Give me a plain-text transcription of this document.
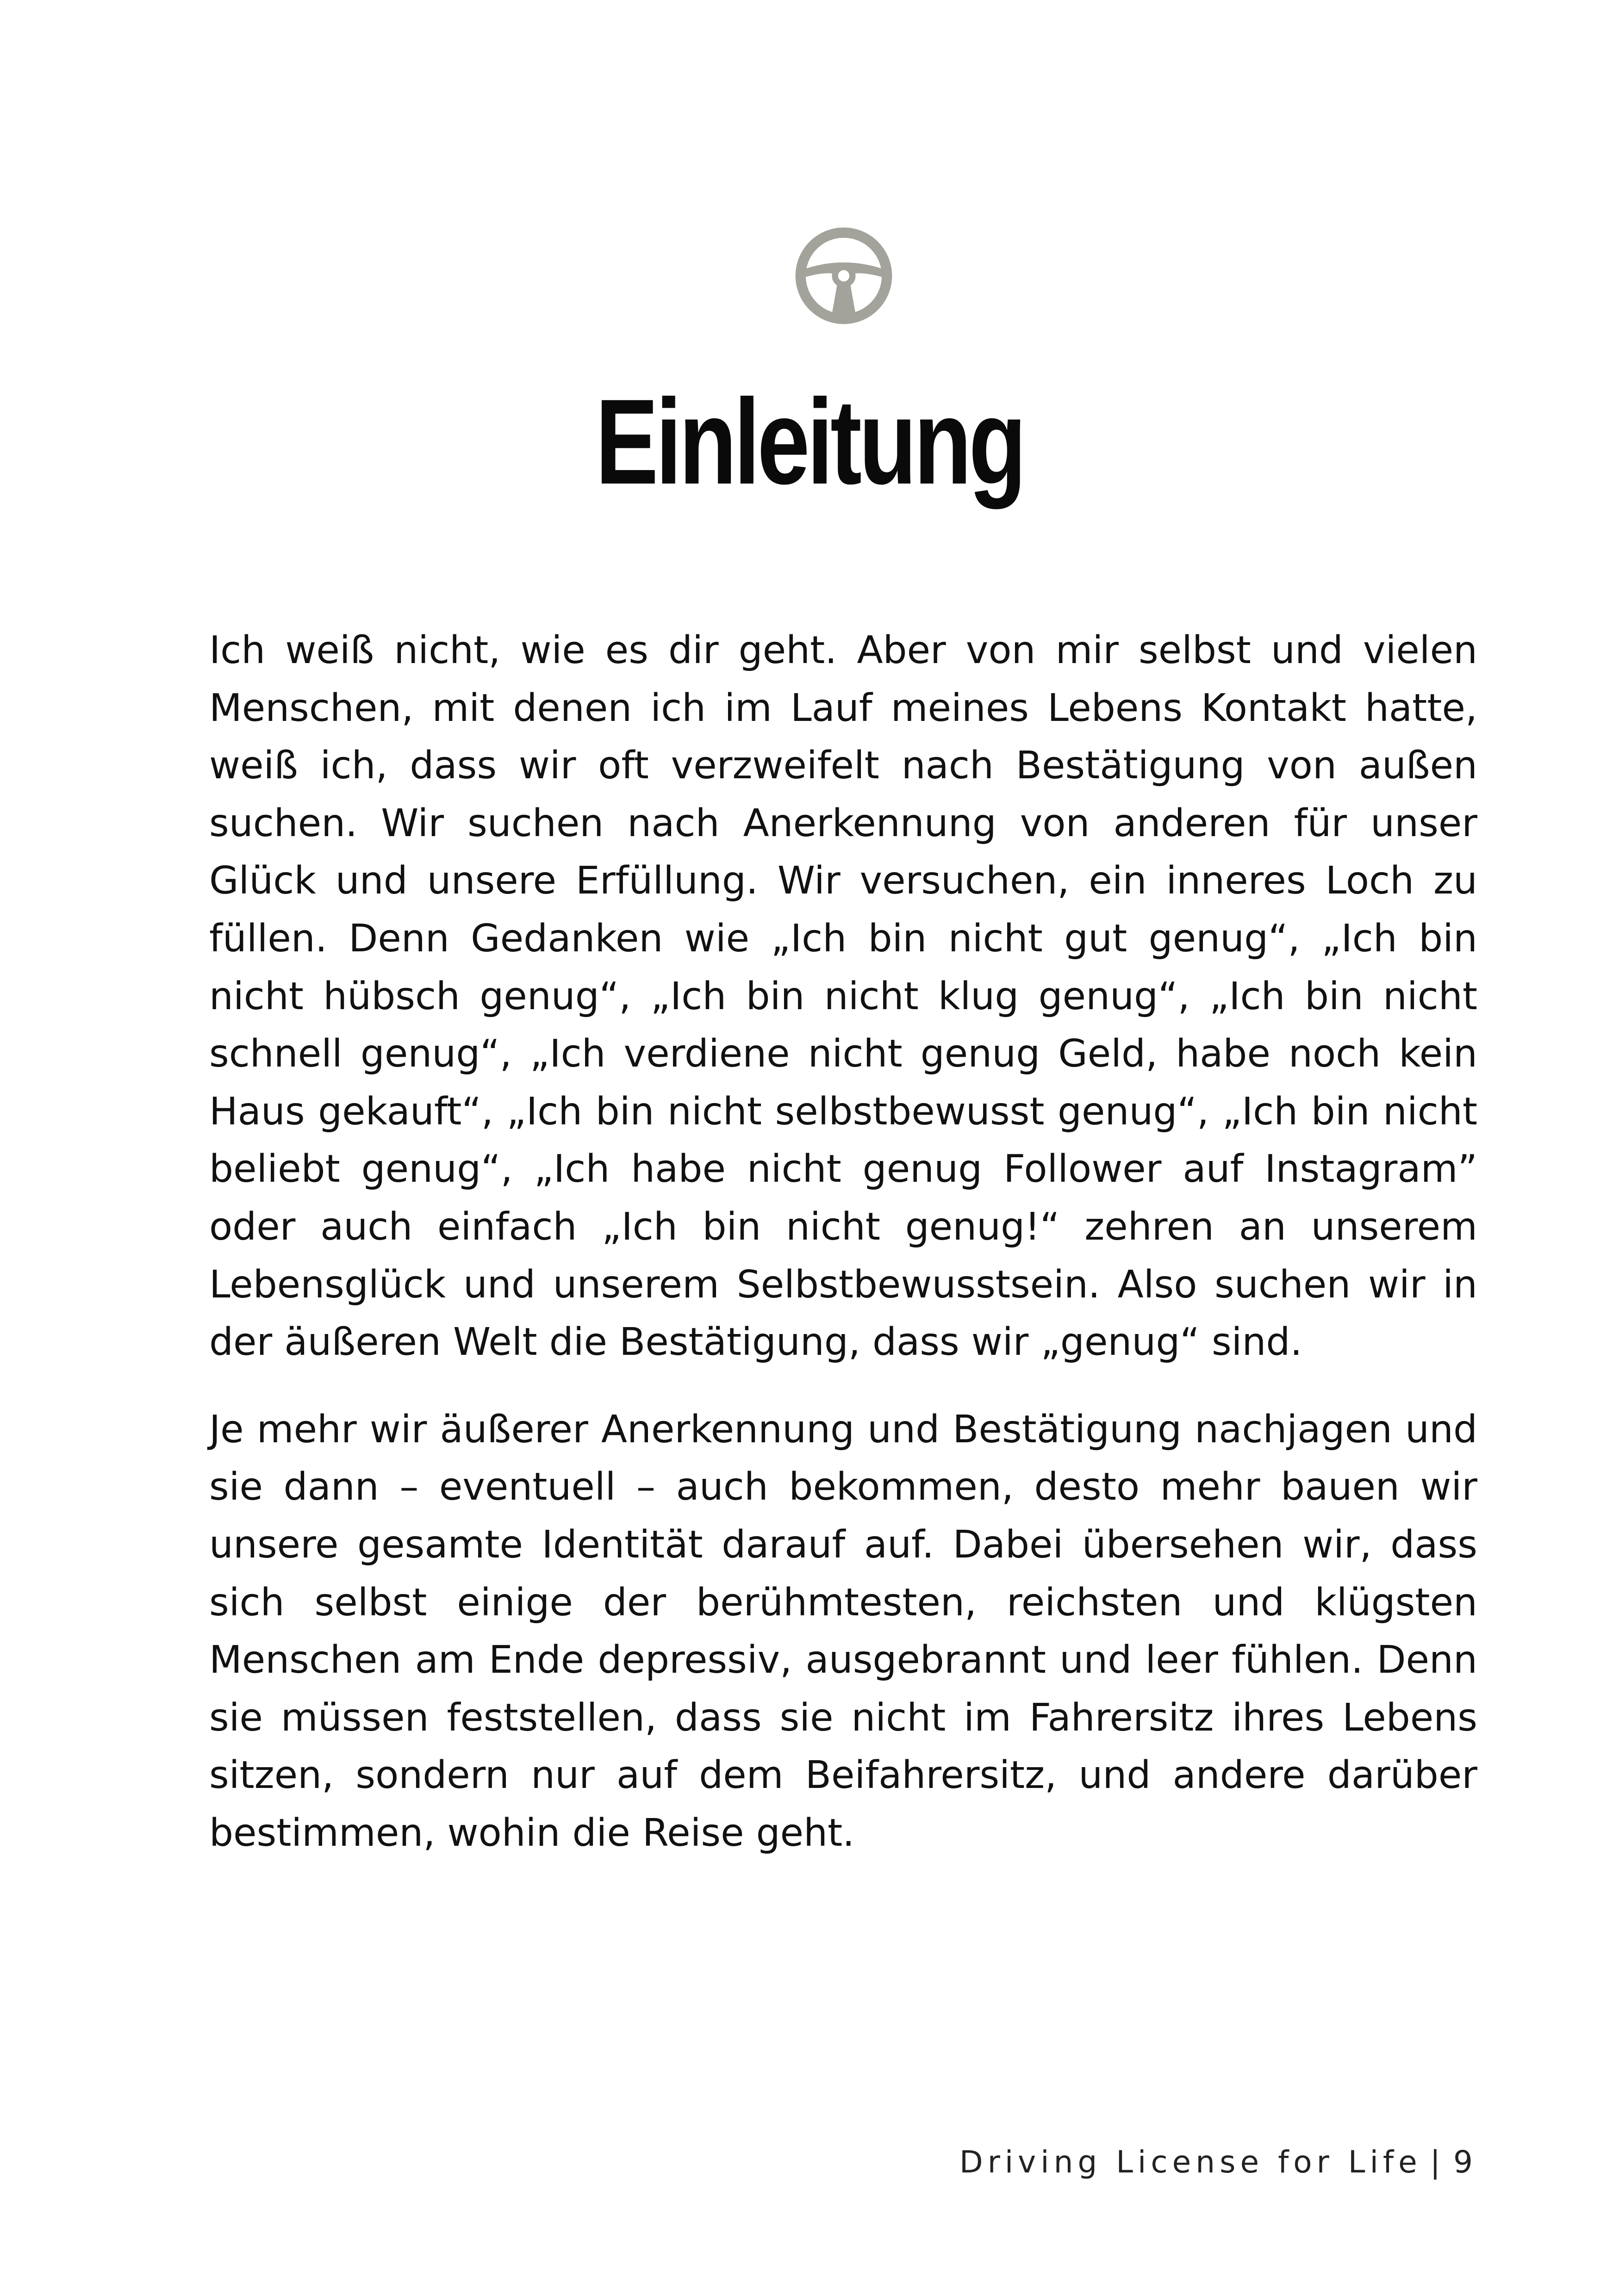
Einleitung

Ich weiß nicht, wie es dir geht. Aber von mir selbst und vielen Menschen, mit denen ich im Lauf meines Lebens Kontakt hatte, weiß ich, dass wir oft verzweifelt nach Bestätigung von außen suchen. Wir suchen nach Anerkennung von anderen für unser Glück und unsere Erfüllung. Wir versuchen, ein inneres Loch zu füllen. Denn Gedanken wie „Ich bin nicht gut genug“, „Ich bin nicht hübsch genug“, „Ich bin nicht klug genug“, „Ich bin nicht schnell genug“, „Ich verdiene nicht genug Geld, habe noch kein Haus gekauft“, „Ich bin nicht selbstbewusst genug“, „Ich bin nicht beliebt genug“, „Ich habe nicht genug Follower auf Instagram” oder auch einfach „Ich bin nicht genug!“ zehren an unserem Lebensglück und unserem Selbstbewusstsein. Also suchen wir in der äußeren Welt die Bestätigung, dass wir „genug“ sind.

Je mehr wir äußerer Anerkennung und Bestätigung nachjagen und sie dann – eventuell – auch bekommen, desto mehr bauen wir unsere gesamte Identität darauf auf. Dabei übersehen wir, dass sich selbst einige der berühmtesten, reichsten und klügsten Menschen am Ende depressiv, ausgebrannt und leer fühlen. Denn sie müssen feststellen, dass sie nicht im Fahrersitz ihres Lebens sitzen, sondern nur auf dem Beifahrersitz, und andere darüber bestimmen, wohin die Reise geht.

Driving License for Life | 9
